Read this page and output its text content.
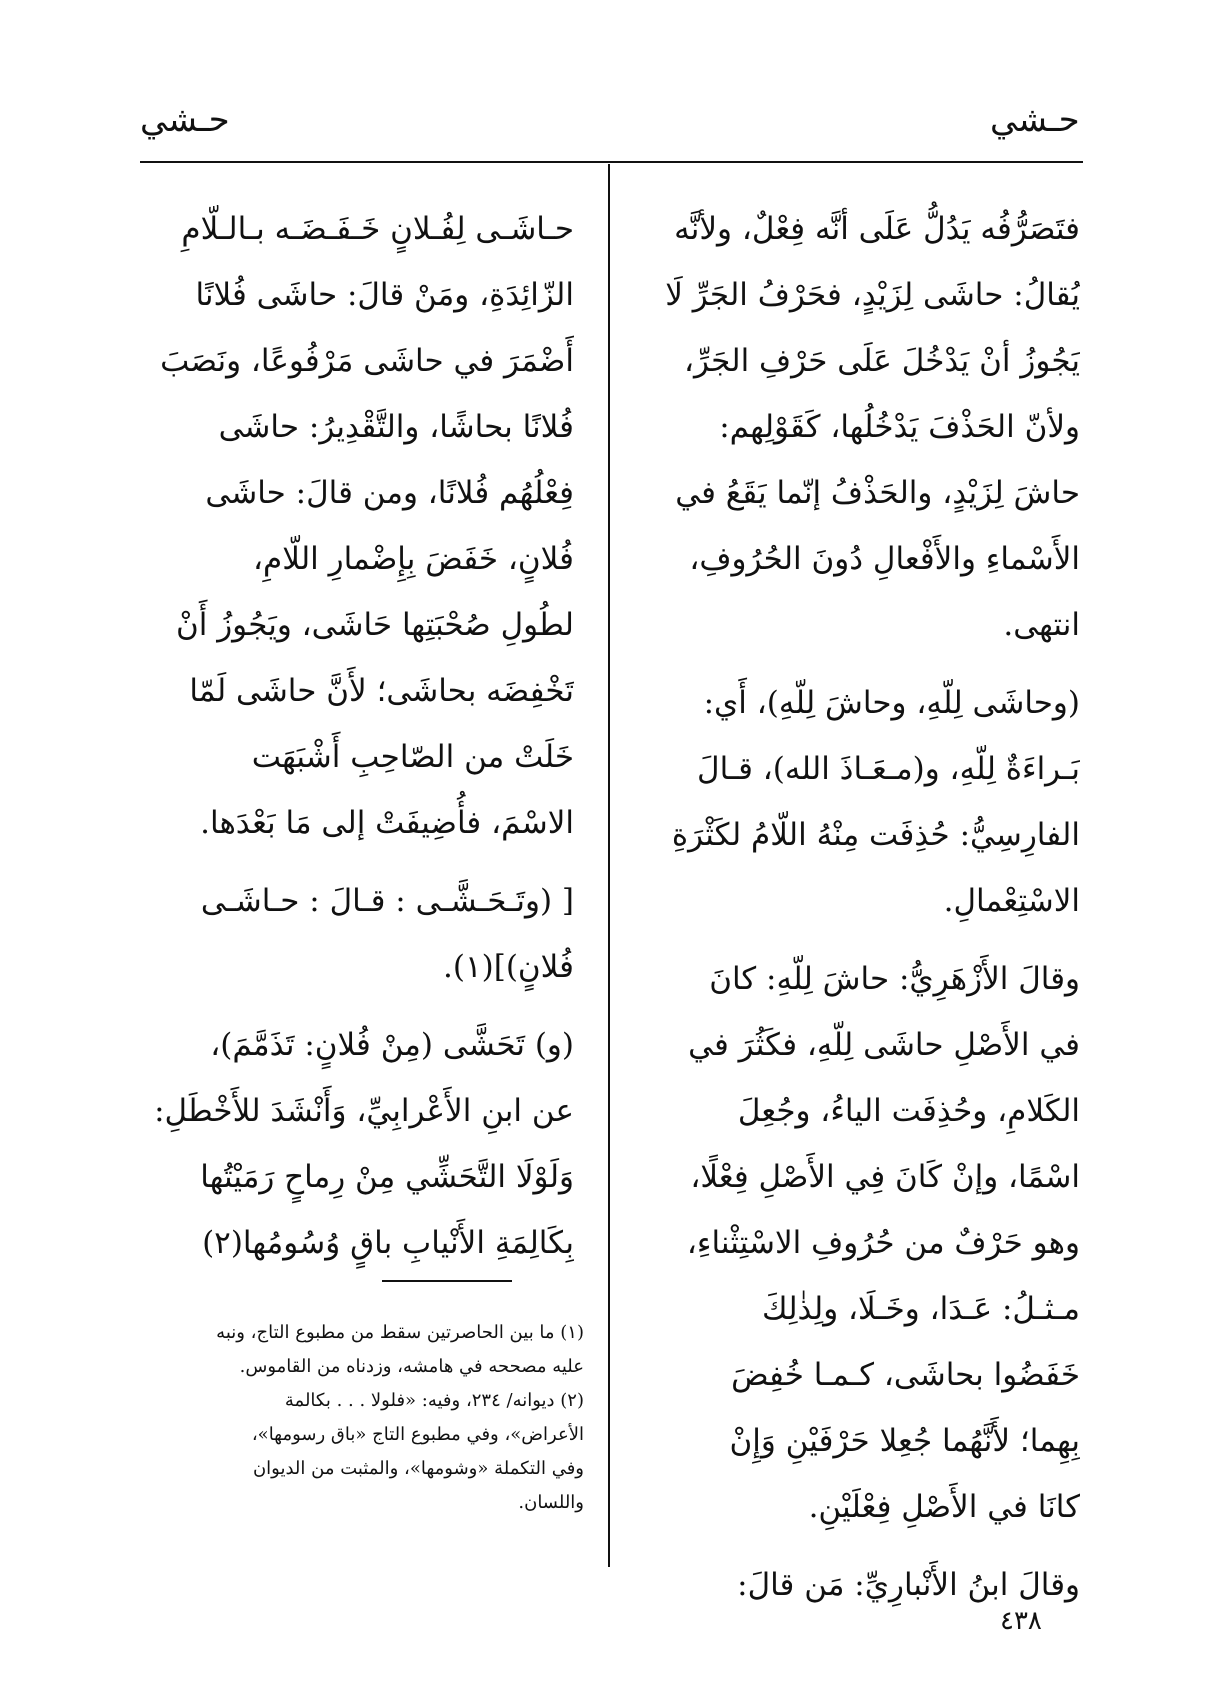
حـشي
حـشي
فتَصَرُّفُه يَدُلُّ عَلَى أنَّه فِعْلٌ، ولأنَّه
يُقالُ: حاشَى لِزَيْدٍ، فحَرْفُ الجَرِّ لَا
يَجُوزُ أنْ يَدْخُلَ عَلَى حَرْفِ الجَرِّ،
ولأنّ الحَذْفَ يَدْخُلُها، كَقَوْلِهم:
حاشَ لِزَيْدٍ، والحَذْفُ إنّما يَقَعُ في
الأَسْماءِ والأَفْعالِ دُونَ الحُرُوفِ،
انتهى.
(وحاشَى لِلّهِ، وحاشَ لِلّهِ)، أَي:
بَـراءَةٌ لِلّهِ، و(مـعَـاذَ الله)، قـالَ
الفارِسِيُّ: حُذِفَت مِنْهُ اللّامُ لكَثْرَةِ
الاسْتِعْمالِ.
وقالَ الأَزْهَرِيُّ: حاشَ لِلّهِ: كانَ
في الأَصْلِ حاشَى لِلّهِ، فكَثُرَ في
الكَلامِ، وحُذِفَت الياءُ، وجُعِلَ
اسْمًا، وإنْ كَانَ فِي الأَصْلِ فِعْلًا،
وهو حَرْفٌ من حُرُوفِ الاسْتِثْناءِ،
مـثـلُ: عَـدَا، وخَـلَا، ولِذٰلِكَ
خَفَضُوا بحاشَى، كـمـا خُفِضَ
بِهِما؛ لأَنَّهُما جُعِلا حَرْفَيْنِ وَإِنْ
كانَا في الأَصْلِ فِعْلَيْنِ.
وقالَ ابنُ الأَنْبارِيِّ: مَن قالَ:
حـاشَـى لِفُـلانٍ خَـفَـضَـه بـالـلّامِ
الزّائِدَةِ، ومَنْ قالَ: حاشَى فُلانًا
أَضْمَرَ في حاشَى مَرْفُوعًا، ونَصَبَ
فُلانًا بحاشًا، والتَّقْدِيرُ: حاشَى
فِعْلُهُم فُلانًا، ومن قالَ: حاشَى
فُلانٍ، خَفَضَ بِإِضْمارِ اللّامِ،
لطُولِ صُحْبَتِها حَاشَى، ويَجُوزُ أَنْ
تَخْفِضَه بحاشَى؛ لأَنَّ حاشَى لَمّا
خَلَتْ من الصّاحِبِ أَشْبَهَت
الاسْمَ، فأُضِيفَتْ إلى مَا بَعْدَها.
[ (وتَـحَـشَّـى : قـالَ : حـاشَـى
فُلانٍ)](١).
(و) تَحَشَّى (مِنْ فُلانٍ: تَذَمَّمَ)،
عن ابنِ الأَعْرابِيِّ، وَأَنْشَدَ للأَخْطَلِ:
وَلَوْلَا التَّحَشِّي مِنْ رِماحٍ رَمَيْتُها
بِكَالِمَةِ الأَنْيابِ باقٍ وُسُومُها(٢)
(١) ما بين الحاصرتين سقط من مطبوع التاج، ونبه
عليه مصححه في هامشه، وزدناه من القاموس.
(٢) ديوانه/ ٢٣٤، وفيه: «فلولا . . . بكالمة
الأعراض»، وفي مطبوع التاج «باق رسومها»،
وفي التكملة «وشومها»، والمثبت من الديوان
واللسان.
٤٣٨
